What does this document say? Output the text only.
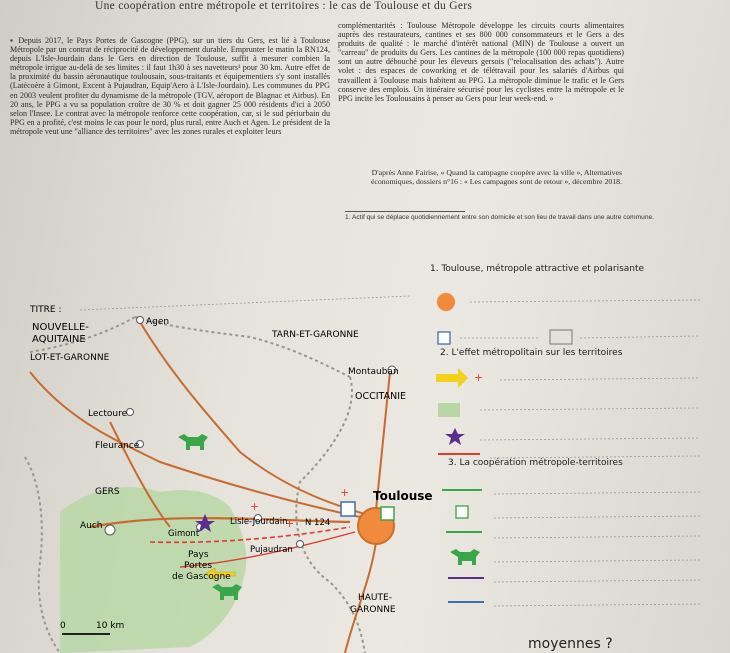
Une coopération entre métropole et territoires : le cas de Toulouse et du Gers

▪ Depuis 2017, le Pays Portes de Gascogne (PPG), sur un tiers du Gers, est lié à Toulouse Métropole par un contrat de réciprocité de développement durable. Emprunter le matin la RN124, depuis L'Isle-Jourdain dans le Gers en direction de Toulouse, suffit à mesurer combien la métropole irrigue au-delà de ses limites : il faut 1h30 à ses navetteurs¹ pour 30 km. Autre effet de la proximité du bassin aéronautique toulousain, sous-traitants et équipementiers s'y sont installés (Latécoère à Gimont, Excent à Pujaudran, Equip'Aero à L'Isle-Jourdain). Les communes du PPG en 2003 veulent profiter du dynamisme de la métropole (TGV, aéroport de Blagnac et Airbus). En 20 ans, le PPG a vu sa population croître de 30 % et doit gagner 25 000 résidents d'ici à 2050 selon l'Insee. Le contrat avec la métropole renforce cette coopération, car, si le sud périurbain du PPG en a profité, c'est moins le cas pour le nord, plus rural, entre Auch et Agen. Le président de la métropole veut une "alliance des territoires" avec les zones rurales et exploiter leurs

complémentarités : Toulouse Métropole développe les circuits courts alimentaires auprès des restaurateurs, cantines et ses 800 000 consommateurs et le Gers a des produits de qualité : le marché d'intérêt national (MIN) de Toulouse a ouvert un "carreau" de produits du Gers. Les cantines de la métropole (100 000 repas quotidiens) sont un autre débouché pour les éleveurs gersois ("relocalisation des achats"). Autre volet : des espaces de coworking et de télétravail pour les salariés d'Airbus qui travaillent à Toulouse mais habitent au PPG. La métropole diminue le trafic et le Gers conserve des emplois. Un itinéraire sécurisé pour les cyclistes entre la métropole et le PPG incite les Toulousains à penser au Gers pour leur week-end. »

D'après Anne Fairise, « Quand la campagne coopère avec la ville », Alternatives économiques, dossiers n°16 : « Les campagnes sont de retour », décembre 2018.
1. Actif qui se déplace quotidiennement entre son domicile et son lieu de travail dans une autre commune.
+
+
+
TITRE :
NOUVELLE-
AQUITAINE
Agen
TARN-ET-GARONNE
LOT-ET-GARONNE
Montauban
OCCITANIE
Lectoure
Fleurance
GERS	Toulouse
Auch
Gimont
Lisle-Jourdain N 124
Pujaudran
Pays
Portes
de Gascogne
HAUTE-
GARONNE
0	10 km
+
1. Toulouse, métropole attractive et polarisante
2. L'effet métropolitain sur les territoires
3. La coopération métropole-territoires
moyennes ?
